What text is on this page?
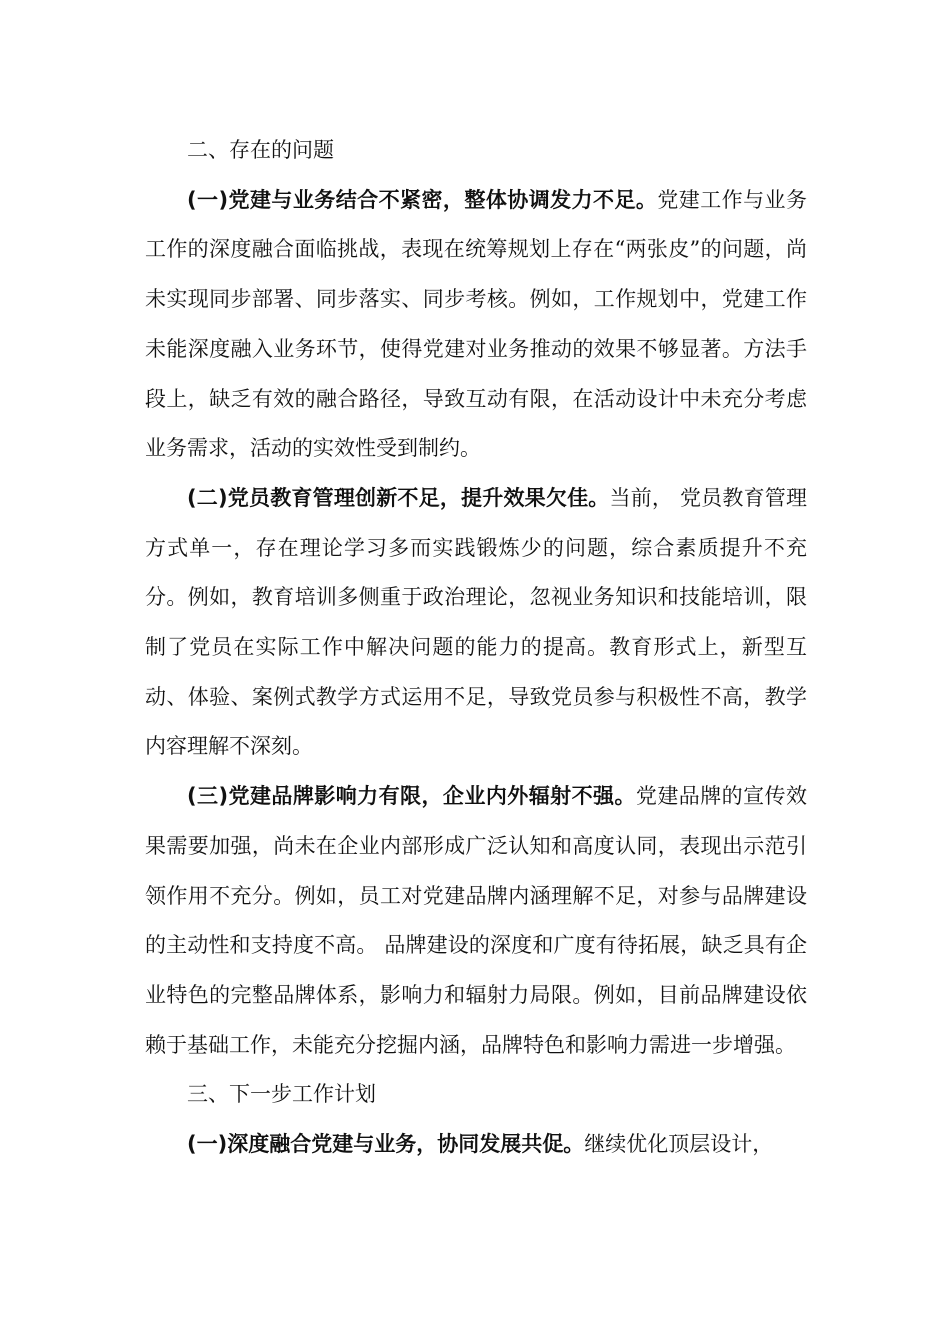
二、存在的问题

(一)党建与业务结合不紧密，整体协调发力不足。党建工作与业务工作的深度融合面临挑战，表现在统筹规划上存在“两张皮”的问题，尚未实现同步部署、同步落实、同步考核。例如，工作规划中，党建工作未能深度融入业务环节，使得党建对业务推动的效果不够显著。方法手段上，缺乏有效的融合路径，导致互动有限，在活动设计中未充分考虑业务需求，活动的实效性受到制约。

(二)党员教育管理创新不足，提升效果欠佳。当前， 党员教育管理方式单一，存在理论学习多而实践锻炼少的问题，综合素质提升不充分。例如，教育培训多侧重于政治理论，忽视业务知识和技能培训，限制了党员在实际工作中解决问题的能力的提高。教育形式上，新型互动、体验、案例式教学方式运用不足，导致党员参与积极性不高，教学内容理解不深刻。

(三)党建品牌影响力有限，企业内外辐射不强。党建品牌的宣传效果需要加强，尚未在企业内部形成广泛认知和高度认同，表现出示范引领作用不充分。例如，员工对党建品牌内涵理解不足，对参与品牌建设的主动性和支持度不高。 品牌建设的深度和广度有待拓展，缺乏具有企业特色的完整品牌体系，影响力和辐射力局限。例如，目前品牌建设依赖于基础工作，未能充分挖掘内涵，品牌特色和影响力需进一步增强。

三、下一步工作计划

(一)深度融合党建与业务，协同发展共促。继续优化顶层设计，
